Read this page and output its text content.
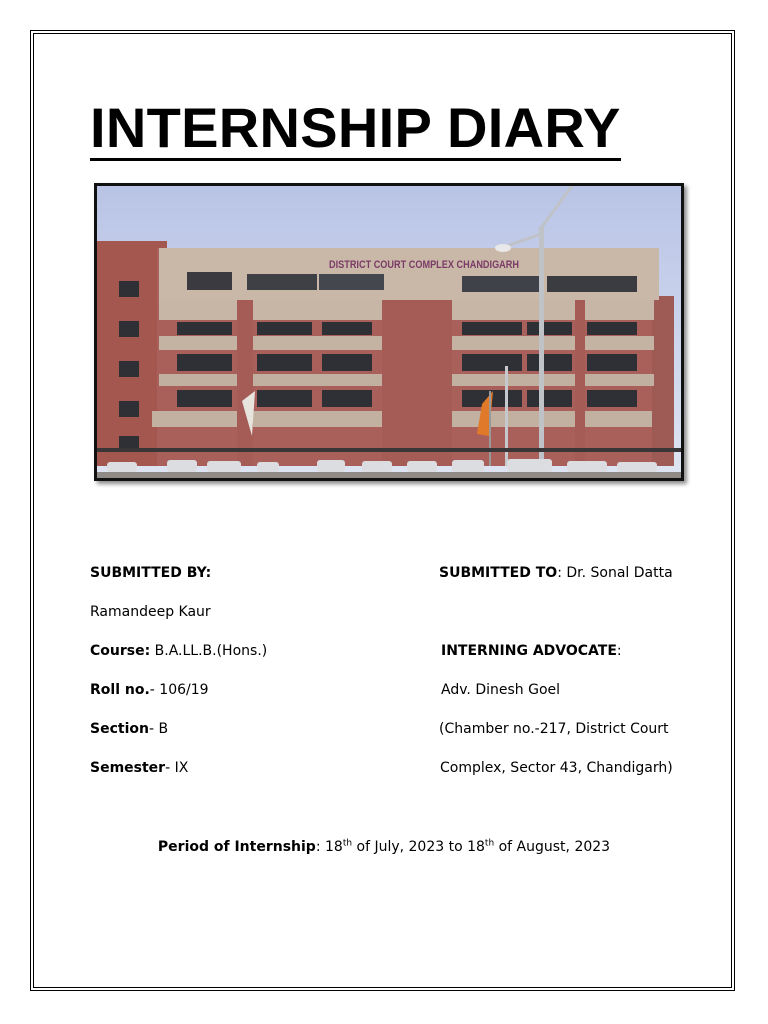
INTERNSHIP DIARY
DISTRICT COURT COMPLEX CHANDIGARH
SUBMITTED BY:
Ramandeep Kaur
Course: B.A.LL.B.(Hons.)
Roll no.- 106/19
Section- B
Semester- IX
SUBMITTED TO: Dr. Sonal Datta
INTERNING ADVOCATE:
Adv. Dinesh Goel
(Chamber no.-217, District Court
Complex, Sector 43, Chandigarh)
Period of Internship: 18th of July, 2023 to 18th of August, 2023
